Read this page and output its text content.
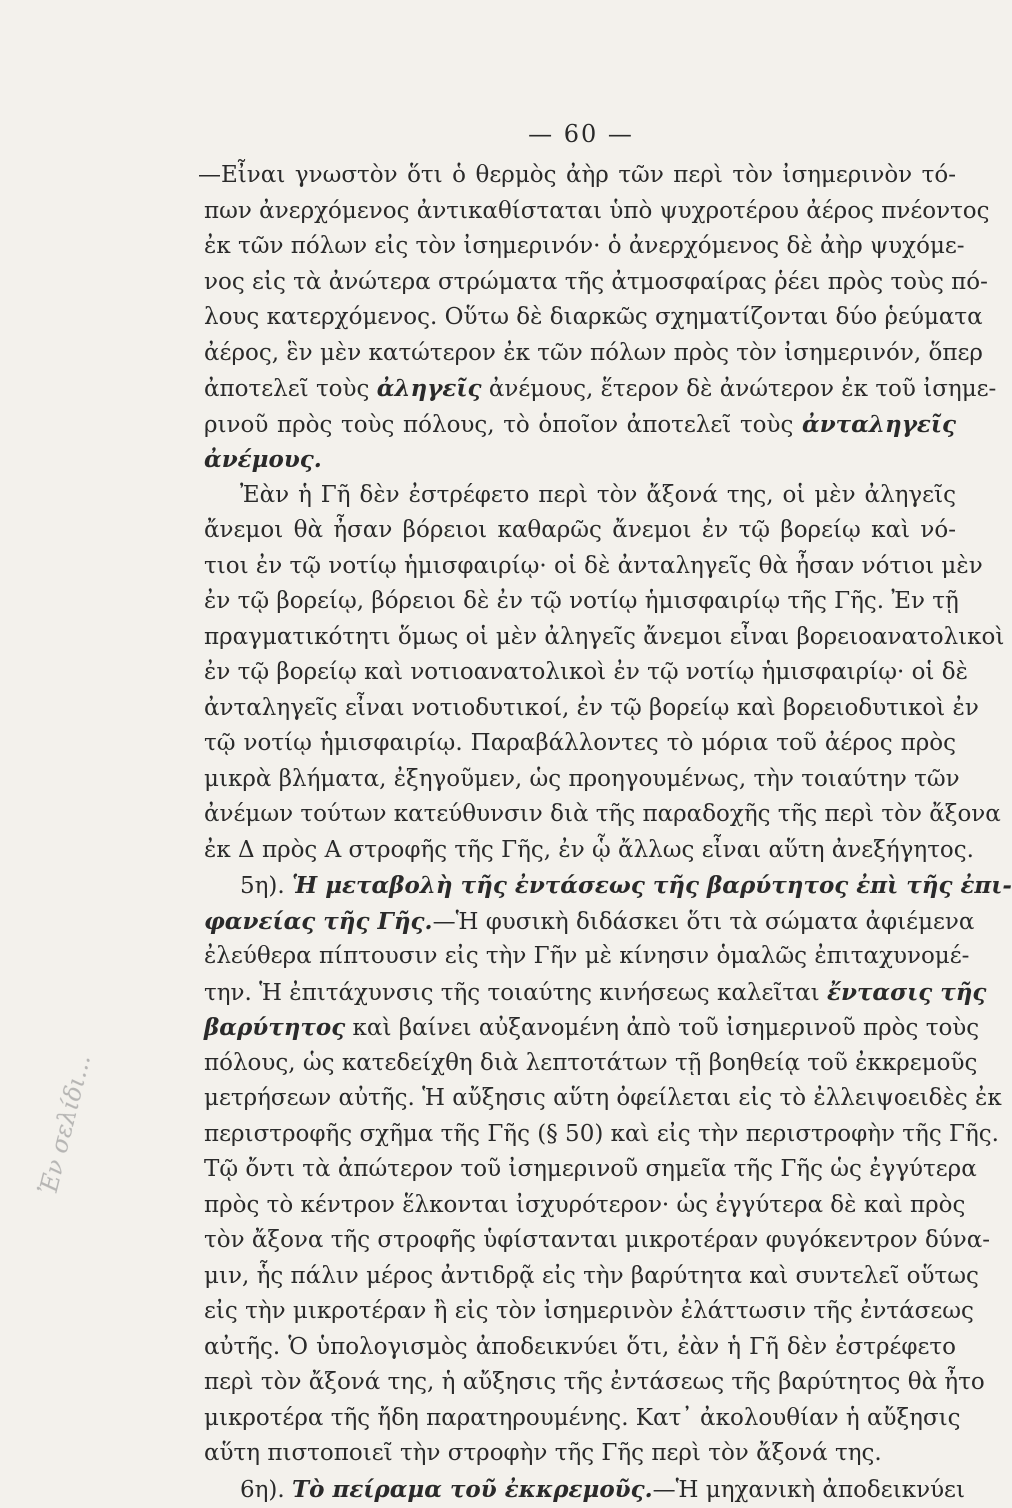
— 60 —
Ἐν σελίδι...
—Εἶναι γνωστὸν ὅτι ὁ θερμὸς ἀὴρ τῶν περὶ τὸν ἰσημερινὸν τό-
πων ἀνερχόμενος ἀντικαθίσταται ὑπὸ ψυχροτέρου ἀέρος πνέοντος
ἐκ τῶν πόλων εἰς τὸν ἰσημερινόν· ὁ ἀνερχόμενος δὲ ἀὴρ ψυχόμε-
νος εἰς τὰ ἀνώτερα στρώματα τῆς ἀτμοσφαίρας ῥέει πρὸς τοὺς πό-
λους κατερχόμενος. Οὕτω δὲ διαρκῶς σχηματίζονται δύο ῥεύματα
ἀέρος, ἓν μὲν κατώτερον ἐκ τῶν πόλων πρὸς τὸν ἰσημερινόν, ὅπερ
ἀποτελεῖ τοὺς ἀληγεῖς ἀνέμους, ἕτερον δὲ ἀνώτερον ἐκ τοῦ ἰσημε-
ρινοῦ πρὸς τοὺς πόλους, τὸ ὁποῖον ἀποτελεῖ τοὺς ἀνταληγεῖς
ἀνέμους.
Ἐὰν ἡ Γῆ δὲν ἐστρέφετο περὶ τὸν ἄξονά της, οἱ μὲν ἀληγεῖς
ἄνεμοι θὰ ἦσαν βόρειοι καθαρῶς ἄνεμοι ἐν τῷ βορείῳ καὶ νό-
τιοι ἐν τῷ νοτίῳ ἡμισφαιρίῳ· οἱ δὲ ἀνταληγεῖς θὰ ἦσαν νότιοι μὲν
ἐν τῷ βορείῳ, βόρειοι δὲ ἐν τῷ νοτίῳ ἡμισφαιρίῳ τῆς Γῆς. Ἐν τῇ
πραγματικότητι ὅμως οἱ μὲν ἀληγεῖς ἄνεμοι εἶναι βορειοανατολικοὶ
ἐν τῷ βορείῳ καὶ νοτιοανατολικοὶ ἐν τῷ νοτίῳ ἡμισφαιρίῳ· οἱ δὲ
ἀνταληγεῖς εἶναι νοτιοδυτικοί, ἐν τῷ βορείῳ καὶ βορειοδυτικοὶ ἐν
τῷ νοτίῳ ἡμισφαιρίῳ. Παραβάλλοντες τὸ μόρια τοῦ ἀέρος πρὸς
μικρὰ βλήματα, ἐξηγοῦμεν, ὡς προηγουμένως, τὴν τοιαύτην τῶν
ἀνέμων τούτων κατεύθυνσιν διὰ τῆς παραδοχῆς τῆς περὶ τὸν ἄξονα
ἐκ Δ πρὸς Α στροφῆς τῆς Γῆς, ἐν ᾧ ἄλλως εἶναι αὕτη ἀνεξήγητος.
5η). Ἡ μεταβολὴ τῆς ἐντάσεως τῆς βαρύτητος ἐπὶ τῆς ἐπι-
φανείας τῆς Γῆς.—Ἡ φυσικὴ διδάσκει ὅτι τὰ σώματα ἀφιέμενα
ἐλεύθερα πίπτουσιν εἰς τὴν Γῆν μὲ κίνησιν ὁμαλῶς ἐπιταχυνομέ-
την. Ἡ ἐπιτάχυνσις τῆς τοιαύτης κινήσεως καλεῖται ἔντασις τῆς
βαρύτητος καὶ βαίνει αὐξανομένη ἀπὸ τοῦ ἰσημερινοῦ πρὸς τοὺς
πόλους, ὡς κατεδείχθη διὰ λεπτοτάτων τῇ βοηθείᾳ τοῦ ἐκκρεμοῦς
μετρήσεων αὐτῆς. Ἡ αὔξησις αὕτη ὀφείλεται εἰς τὸ ἐλλειψοειδὲς ἐκ
περιστροφῆς σχῆμα τῆς Γῆς (§ 50) καὶ εἰς τὴν περιστροφὴν τῆς Γῆς.
Τῷ ὄντι τὰ ἀπώτερον τοῦ ἰσημερινοῦ σημεῖα τῆς Γῆς ὡς ἐγγύτερα
πρὸς τὸ κέντρον ἕλκονται ἰσχυρότερον· ὡς ἐγγύτερα δὲ καὶ πρὸς
τὸν ἄξονα τῆς στροφῆς ὑφίστανται μικροτέραν φυγόκεντρον δύνα-
μιν, ἧς πάλιν μέρος ἀντιδρᾷ εἰς τὴν βαρύτητα καὶ συντελεῖ οὕτως
εἰς τὴν μικροτέραν ἢ εἰς τὸν ἰσημερινὸν ἐλάττωσιν τῆς ἐντάσεως
αὐτῆς. Ὁ ὑπολογισμὸς ἀποδεικνύει ὅτι, ἐὰν ἡ Γῆ δὲν ἐστρέφετο
περὶ τὸν ἄξονά της, ἡ αὔξησις τῆς ἐντάσεως τῆς βαρύτητος θὰ ἦτο
μικροτέρα τῆς ἤδη παρατηρουμένης. Κατ᾽ ἀκολουθίαν ἡ αὔξησις
αὕτη πιστοποιεῖ τὴν στροφὴν τῆς Γῆς περὶ τὸν ἄξονά της.
6η). Τὸ πείραμα τοῦ ἐκκρεμοῦς.—Ἡ μηχανικὴ ἀποδεικνύει
